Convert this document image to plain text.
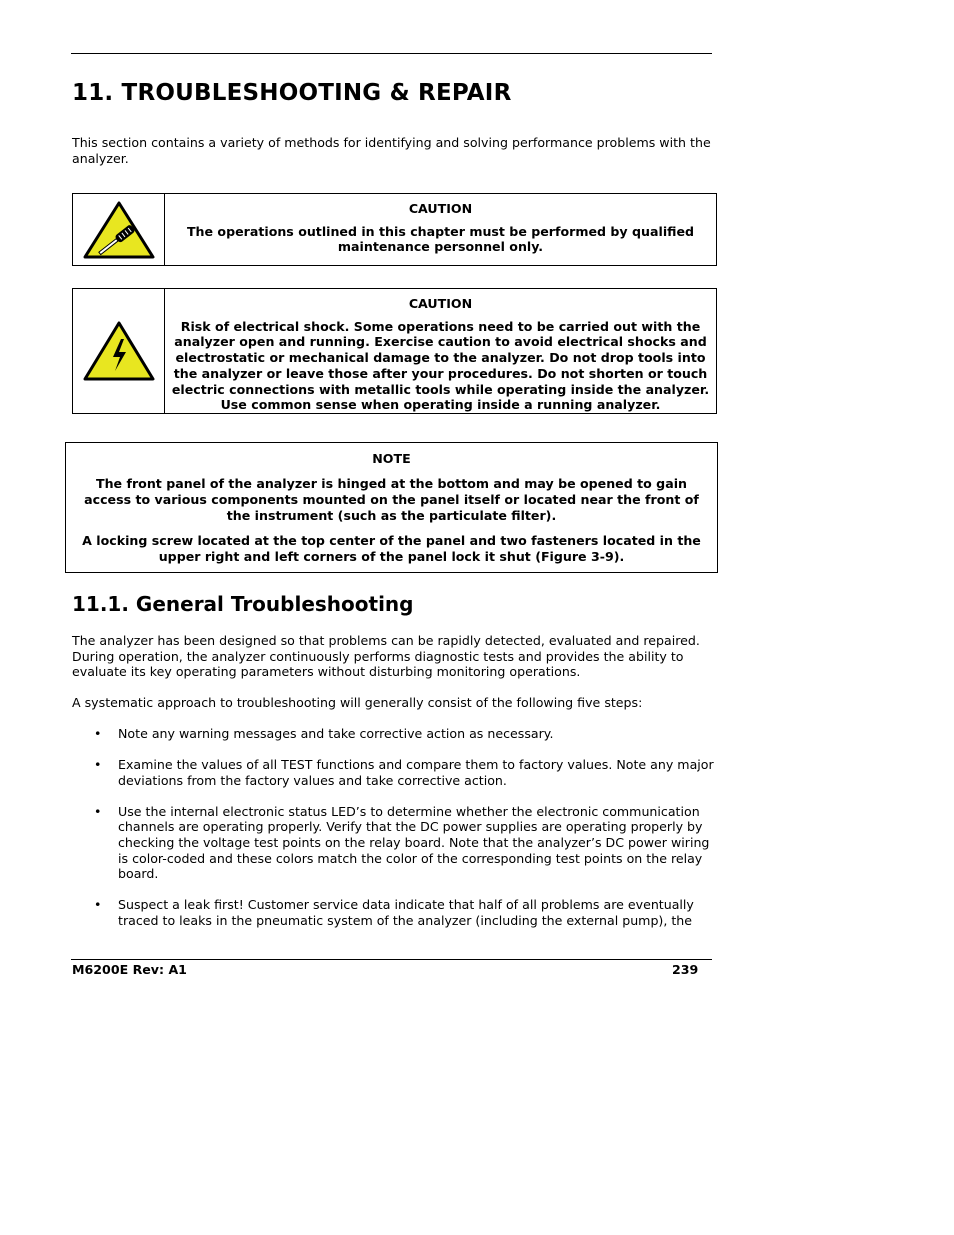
11. TROUBLESHOOTING & REPAIR

This section contains a variety of methods for identifying and solving performance problems with the analyzer.

CAUTION
The operations outlined in this chapter must be performed by qualified maintenance personnel only.
CAUTION
Risk of electrical shock. Some operations need to be carried out with the analyzer open and running. Exercise caution to avoid electrical shocks and electrostatic or mechanical damage to the analyzer. Do not drop tools into the analyzer or leave those after your procedures. Do not shorten or touch electric connections with metallic tools while operating inside the analyzer. Use common sense when operating inside a running analyzer.
NOTE
The front panel of the analyzer is hinged at the bottom and may be opened to gain access to various components mounted on the panel itself or located near the front of the instrument (such as the particulate filter).
A locking screw located at the top center of the panel and two fasteners located in the upper right and left corners of the panel lock it shut (Figure 3-9).
11.1. General Troubleshooting

The analyzer has been designed so that problems can be rapidly detected, evaluated and repaired. During operation, the analyzer continuously performs diagnostic tests and provides the ability to evaluate its key operating parameters without disturbing monitoring operations.

A systematic approach to troubleshooting will generally consist of the following five steps:

• Note any warning messages and take corrective action as necessary.
• Examine the values of all TEST functions and compare them to factory values. Note any major deviations from the factory values and take corrective action.
• Use the internal electronic status LED’s to determine whether the electronic communication channels are operating properly. Verify that the DC power supplies are operating properly by checking the voltage test points on the relay board. Note that the analyzer’s DC power wiring is color-coded and these colors match the color of the corresponding test points on the relay board.
• Suspect a leak first! Customer service data indicate that half of all problems are eventually traced to leaks in the pneumatic system of the analyzer (including the external pump), the
M6200E Rev: A1	239
